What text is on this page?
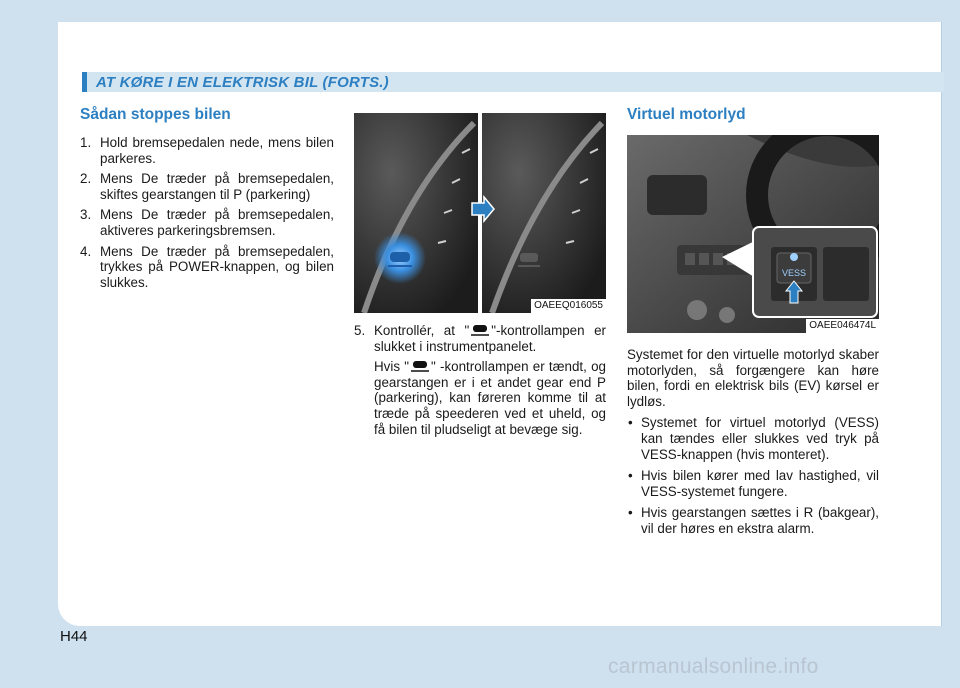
AT KØRE I EN ELEKTRISK BIL (FORTS.)
Sådan stoppes bilen
1. Hold bremsepedalen nede, mens bilen parkeres.
2. Mens De træder på bremsepedalen, skiftes gearstangen til P (parkering)
3. Mens De træder på bremsepedalen, aktiveres parkeringsbremsen.
4. Mens De træder på bremsepedalen, trykkes på POWER-knappen, og bilen slukkes.
OAEEQ016055
5. Kontrollér, at " "-kontrollampen er slukket i instrumentpanelet.

Hvis " " -kontrollampen er tændt, og gearstangen er i et andet gear end P (parkering), kan føreren komme til at træde på speederen ved et uheld, og få bilen til pludseligt at bevæge sig.

Virtuel motorlyd
VESS
OAEE046474L

Systemet for den virtuelle motorlyd skaber motorlyden, så forgængere kan høre bilen, fordi en elektrisk bils (EV) kørsel er lydløs.

• Systemet for virtuel motorlyd (VESS) kan tændes eller slukkes ved tryk på VESS-knappen (hvis monteret).
• Hvis bilen kører med lav hastighed, vil VESS-systemet fungere.
• Hvis gearstangen sættes i R (bakgear), vil der høres en ekstra alarm.
H44
carmanualsonline.info
